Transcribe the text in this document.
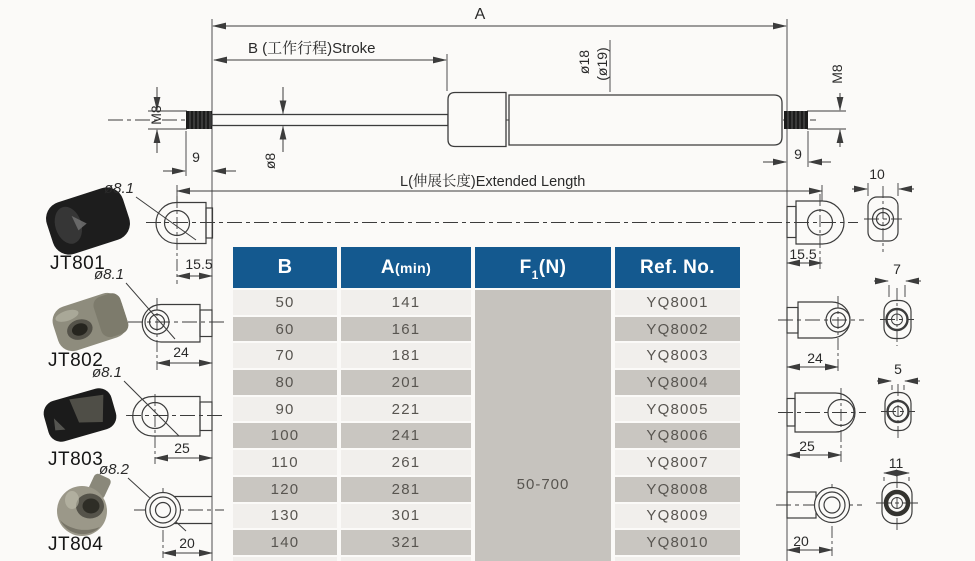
A
B (工作行程)Stroke
L(伸展长度)Extended Length
M8
M8
9	9
ø8
ø18 (ø19)
JT801
JT802
JT803
JT804
ø8.1
ø8.1
ø8.1
ø8.2
15.5
24
25
20
15.5
24
25
20
10
7
5
11
B	A (min)	F 1 (N)	Ref. No.
50-700
50	141	YQ8001
60	161	YQ8002
70	181	YQ8003
80	201	YQ8004
90	221	YQ8005
100	241	YQ8006
110	261	YQ8007
120	281	YQ8008
130	301	YQ8009
140	321	YQ8010
